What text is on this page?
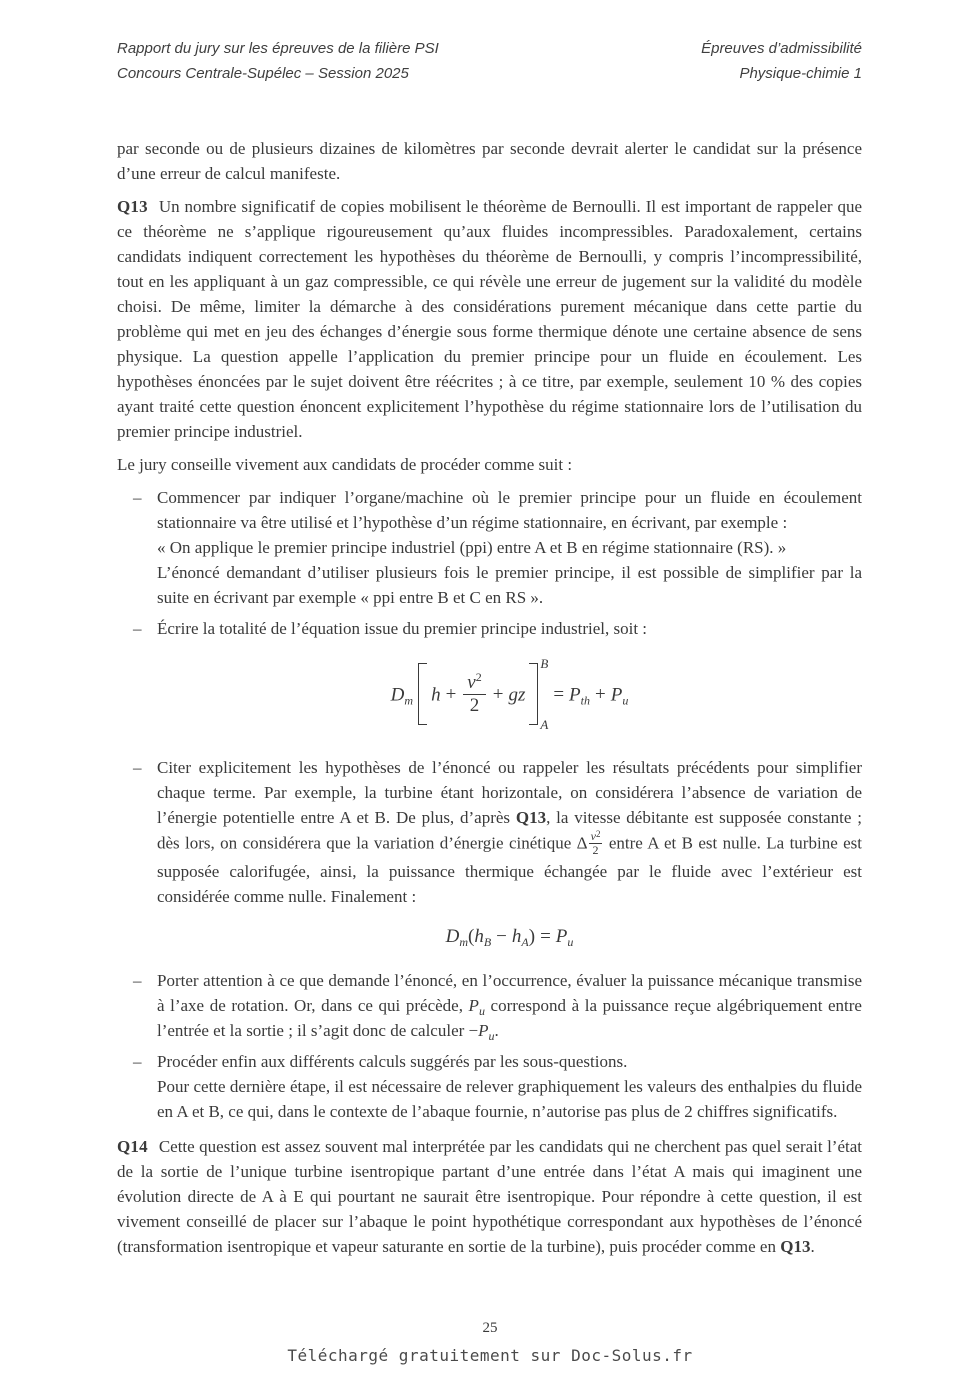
Rapport du jury sur les épreuves de la filière PSI
Concours Centrale-Supélec – Session 2025
Épreuves d’admissibilité
Physique-chimie 1

par seconde ou de plusieurs dizaines de kilomètres par seconde devrait alerter le candidat sur la présence d’une erreur de calcul manifeste.

Q13 Un nombre significatif de copies mobilisent le théorème de Bernoulli. Il est important de rappeler que ce théorème ne s’applique rigoureusement qu’aux fluides incompressibles. Paradoxalement, certains candidats indiquent correctement les hypothèses du théorème de Bernoulli, y compris l’incompressibilité, tout en les appliquant à un gaz compressible, ce qui révèle une erreur de jugement sur la validité du modèle choisi. De même, limiter la démarche à des considérations purement mécanique dans cette partie du problème qui met en jeu des échanges d’énergie sous forme thermique dénote une certaine absence de sens physique. La question appelle l’application du premier principe pour un fluide en écoulement. Les hypothèses énoncées par le sujet doivent être réécrites ; à ce titre, par exemple, seulement 10 % des copies ayant traité cette question énoncent explicitement l’hypothèse du régime stationnaire lors de l’utilisation du premier principe industriel.

Le jury conseille vivement aux candidats de procéder comme suit :

– Commencer par indiquer l’organe/machine où le premier principe pour un fluide en écoulement stationnaire va être utilisé et l’hypothèse d’un régime stationnaire, en écrivant, par exemple :
« On applique le premier principe industriel (ppi) entre A et B en régime stationnaire (RS). »
L’énoncé demandant d’utiliser plusieurs fois le premier principe, il est possible de simplifier par la suite en écrivant par exemple « ppi entre B et C en RS ».
– Écrire la totalité de l’équation issue du premier principe industriel, soit :
$D_m$ $h + \frac{v^2}{2}$ + gz
B
A
= $P_{th} + P_u$
– Citer explicitement les hypothèses de l’énoncé ou rappeler les résultats précédents pour simplifier chaque terme. Par exemple, la turbine étant horizontale, on considérera l’absence de variation de l’énergie potentielle entre A et B. De plus, d’après Q13, la vitesse débitante est supposée constante ; dès lors, on considérera que la variation d’énergie cinétique Δ $\frac{v^2}{2}$ entre A et B est nulle. La turbine est supposée calorifugée, ainsi, la puissance thermique échangée par le fluide avec l’extérieur est considérée comme nulle. Finalement :
$D_m(h_B - h_A) = P_u$
– Porter attention à ce que demande l’énoncé, en l’occurrence, évaluer la puissance mécanique transmise à l’axe de rotation. Or, dans ce qui précède, $P_u$ correspond à la puissance reçue algébriquement entre l’entrée et la sortie ; il s’agit donc de calculer $-P_u$.
– Procéder enfin aux différents calculs suggérés par les sous-questions.
Pour cette dernière étape, il est nécessaire de relever graphiquement les valeurs des enthalpies du fluide en A et B, ce qui, dans le contexte de l’abaque fournie, n’autorise pas plus de 2 chiffres significatifs.

Q14 Cette question est assez souvent mal interprétée par les candidats qui ne cherchent pas quel serait l’état de la sortie de l’unique turbine isentropique partant d’une entrée dans l’état A mais qui imaginent une évolution directe de A à E qui pourtant ne saurait être isentropique. Pour répondre à cette question, il est vivement conseillé de placer sur l’abaque le point hypothétique correspondant aux hypothèses de l’énoncé (transformation isentropique et vapeur saturante en sortie de la turbine), puis procéder comme en Q13.

25
Téléchargé gratuitement sur Doc-Solus.fr
